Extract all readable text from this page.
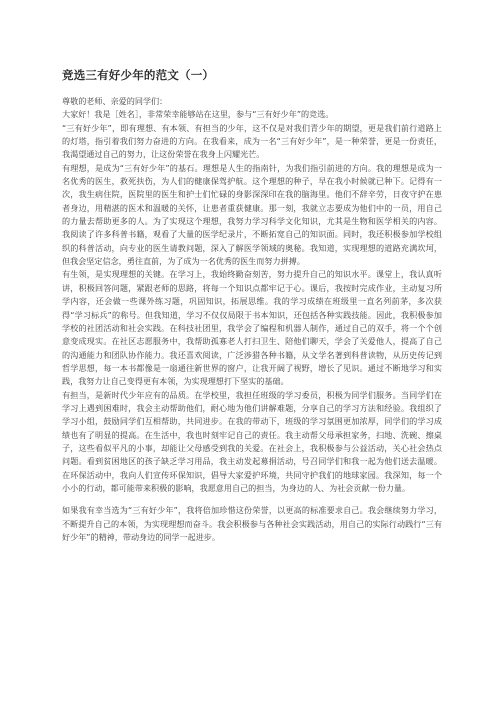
竞选三有好少年的范文（一）

尊敬的老师、亲爱的同学们：

大家好！我是［姓名］，非常荣幸能够站在这里，参与“三有好少年”的竞选。

“三有好少年”，即有理想、有本领、有担当的少年，这不仅是对我们青少年的期望，更是我们前行道路上的灯塔，指引着我们努力奋进的方向。在我看来，成为一名“三有好少年”，是一种荣誉，更是一份责任，我渴望通过自己的努力，让这份荣誉在我身上闪耀光芒。

有理想，是成为“三有好少年”的基石。理想是人生的指南针，为我们指引前进的方向。我的理想是成为一名优秀的医生，救死扶伤，为人们的健康保驾护航。这个理想的种子，早在我小时候就已种下。记得有一次，我生病住院，医院里的医生和护士们忙碌的身影深深印在我的脑海里。他们不辞辛劳，日夜守护在患者身边，用精湛的医术和温暖的关怀，让患者重获健康。那一刻，我就立志要成为他们中的一员，用自己的力量去帮助更多的人。为了实现这个理想，我努力学习科学文化知识，尤其是生物和医学相关的内容。我阅读了许多科普书籍，观看了大量的医学纪录片，不断拓宽自己的知识面。同时，我还积极参加学校组织的科普活动，向专业的医生请教问题，深入了解医学领域的奥秘。我知道，实现理想的道路充满坎坷，但我会坚定信念，勇往直前，为了成为一名优秀的医生而努力拼搏。

有生领，是实现理想的关键。在学习上，我始终勤奋刻苦，努力提升自己的知识水平。课堂上，我认真听讲，积极回答问题，紧跟老师的思路，将每一个知识点都牢记于心。课后，我按时完成作业，主动复习所学内容，还会做一些课外练习题，巩固知识，拓展思维。我的学习成绩在班级里一直名列前茅，多次获得“学习标兵”的称号。但我知道，学习不仅仅局限于书本知识，还包括各种实践技能。因此，我积极参加学校的社团活动和社会实践。在科技社团里，我学会了编程和机器人制作，通过自己的双手，将一个个创意变成现实。在社区志愿服务中，我帮助孤寡老人打扫卫生、陪他们聊天，学会了关爱他人，提高了自己的沟通能力和团队协作能力。我还喜欢阅读，广泛涉猎各种书籍，从文学名著到科普读物，从历史传记到哲学思想，每一本书都像是一扇通往新世界的窗户，让我开阔了视野，增长了见识。通过不断地学习和实践，我努力让自己变得更有本领，为实现理想打下坚实的基础。

有担当，是新时代少年应有的品质。在学校里，我担任班级的学习委员，积极为同学们服务。当同学们在学习上遇到困难时，我会主动帮助他们，耐心地为他们讲解难题，分享自己的学习方法和经验。我组织了学习小组，鼓励同学们互相帮助，共同进步。在我的带动下，班级的学习氛围更加浓厚，同学们的学习成绩也有了明显的提高。在生活中，我也时刻牢记自己的责任。我主动帮父母承担家务，扫地、洗碗、擦桌子，这些看似平凡的小事，却能让父母感受到我的关爱。在社会上，我积极参与公益活动，关心社会热点问题。看到贫困地区的孩子缺乏学习用品，我主动发起募捐活动，号召同学们和我一起为他们送去温暖。在环保活动中，我向人们宣传环保知识，倡导大家爱护环境，共同守护我们的地球家园。我深知，每一个小小的行动，都可能带来积极的影响，我愿意用自己的担当，为身边的人、为社会贡献一份力量。

如果我有幸当选为“三有好少年”，我将倍加珍惜这份荣誉，以更高的标准要求自己。我会继续努力学习，不断提升自己的本领，为实现理想而奋斗。我会积极参与各种社会实践活动，用自己的实际行动践行“三有好少年”的精神，带动身边的同学一起进步。
